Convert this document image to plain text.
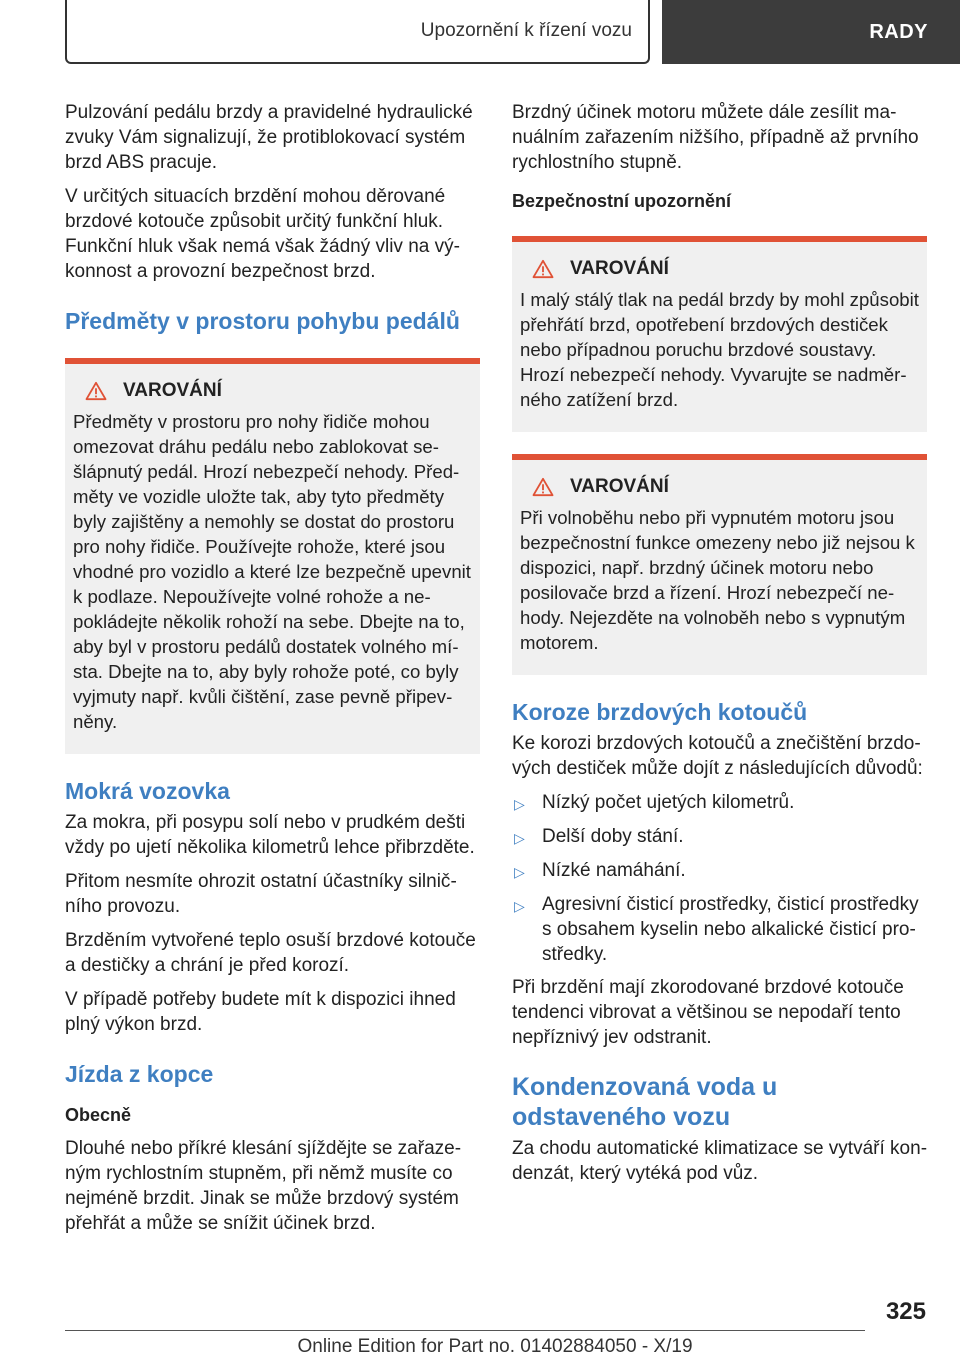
Upozornění k řízení vozu	RADY
Pulzování pedálu brzdy a pravidelné hydraulické zvuky Vám signalizují, že protiblokovací systém brzd ABS pracuje.
V určitých situacích brzdění mohou děrované brzdové kotouče způsobit určitý funkční hluk. Funkční hluk však nemá však žádný vliv na výkonnost a provozní bezpečnost brzd.
Předměty v prostoru pohybu pedálů
VAROVÁNÍ
Předměty v prostoru pro nohy řidiče mohou omezovat dráhu pedálu nebo zablokovat sešlápnutý pedál. Hrozí nebezpečí nehody. Předměty ve vozidle uložte tak, aby tyto předměty byly zajištěny a nemohly se dostat do prostoru pro nohy řidiče. Používejte rohože, které jsou vhodné pro vozidlo a které lze bezpečně upevnit k podlaze. Nepoužívejte volné rohože a nepokládejte několik rohoží na sebe. Dbejte na to, aby byl v prostoru pedálů dostatek volného místa. Dbejte na to, aby byly rohože poté, co byly vyjmuty např. kvůli čištění, zase pevně připevněny.
Mokrá vozovka
Za mokra, při posypu solí nebo v prudkém dešti vždy po ujetí několika kilometrů lehce přibrzděte.
Přitom nesmíte ohrozit ostatní účastníky silničního provozu.
Brzděním vytvořené teplo osuší brzdové kotouče a destičky a chrání je před korozí.
V případě potřeby budete mít k dispozici ihned plný výkon brzd.
Jízda z kopce
Obecně
Dlouhé nebo příkré klesání sjíždějte se zařazeným rychlostním stupněm, při němž musíte co nejméně brzdit. Jinak se může brzdový systém přehřát a může se snížit účinek brzd.
Brzdný účinek motoru můžete dále zesílit manuálním zařazením nižšího, případně až prvního rychlostního stupně.
Bezpečnostní upozornění
VAROVÁNÍ
I malý stálý tlak na pedál brzdy by mohl způsobit přehřátí brzd, opotřebení brzdových destiček nebo případnou poruchu brzdové soustavy. Hrozí nebezpečí nehody. Vyvarujte se nadměrného zatížení brzd.
VAROVÁNÍ
Při volnoběhu nebo při vypnutém motoru jsou bezpečnostní funkce omezeny nebo již nejsou k dispozici, např. brzdný účinek motoru nebo posilovače brzd a řízení. Hrozí nebezpečí nehody. Nejezděte na volnoběh nebo s vypnutým motorem.
Koroze brzdových kotoučů
Ke korozi brzdových kotoučů a znečištění brzdových destiček může dojít z následujících důvodů:
▷ Nízký počet ujetých kilometrů.
▷ Delší doby stání.
▷ Nízké namáhání.
▷ Agresivní čisticí prostředky, čisticí prostředky s obsahem kyselin nebo alkalické čisticí prostředky.
Při brzdění mají zkorodované brzdové kotouče tendenci vibrovat a většinou se nepodaří tento nepříznivý jev odstranit.
Kondenzovaná voda u odstaveného vozu
Za chodu automatické klimatizace se vytváří kondenzát, který vytéká pod vůz.
325
Online Edition for Part no. 01402884050 - X/19
